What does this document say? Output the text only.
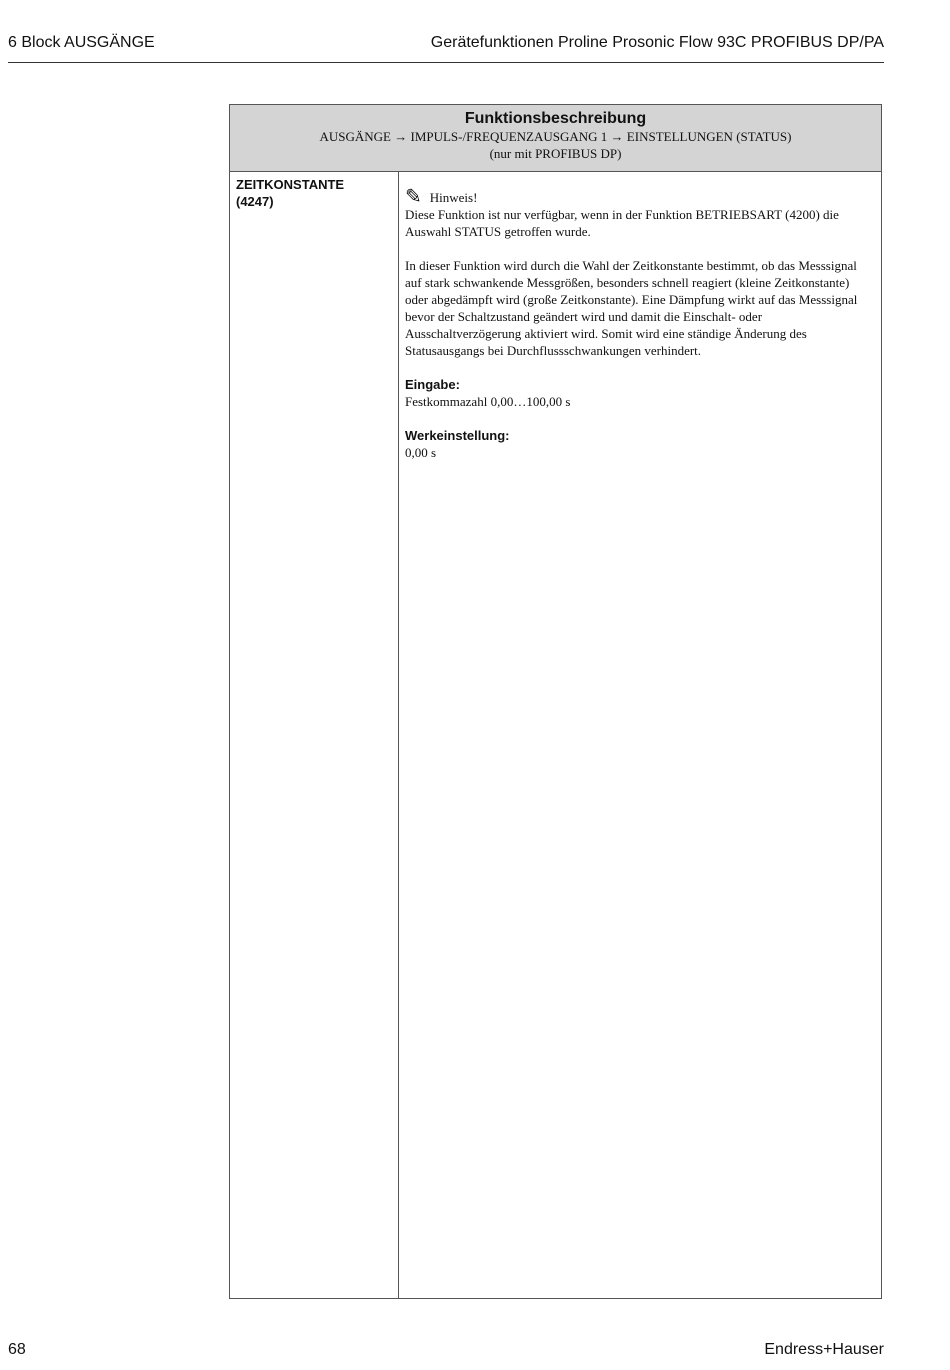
6 Block AUSGÄNGE	Gerätefunktionen Proline Prosonic Flow 93C PROFIBUS DP/PA
Funktionsbeschreibung
AUSGÄNGE → IMPULS-/FREQUENZAUSGANG 1 → EINSTELLUNGEN (STATUS)
(nur mit PROFIBUS DP)
ZEITKONSTANTE
(4247)	✎ Hinweis!

Diese Funktion ist nur verfügbar, wenn in der Funktion BETRIEBSART (4200) die Auswahl STATUS getroffen wurde.

In dieser Funktion wird durch die Wahl der Zeitkonstante bestimmt, ob das Messsignal auf stark schwankende Messgrößen, besonders schnell reagiert (kleine Zeitkonstante) oder abgedämpft wird (große Zeitkonstante). Eine Dämpfung wirkt auf das Messsignal bevor der Schaltzustand geändert wird und damit die Einschalt- oder Ausschaltverzögerung aktiviert wird. Somit wird eine ständige Änderung des Statusausgangs bei Durchflussschwankungen verhindert.

Eingabe:

Festkommazahl 0,00…100,00 s

Werkeinstellung:

0,00 s

68	Endress+Hauser
